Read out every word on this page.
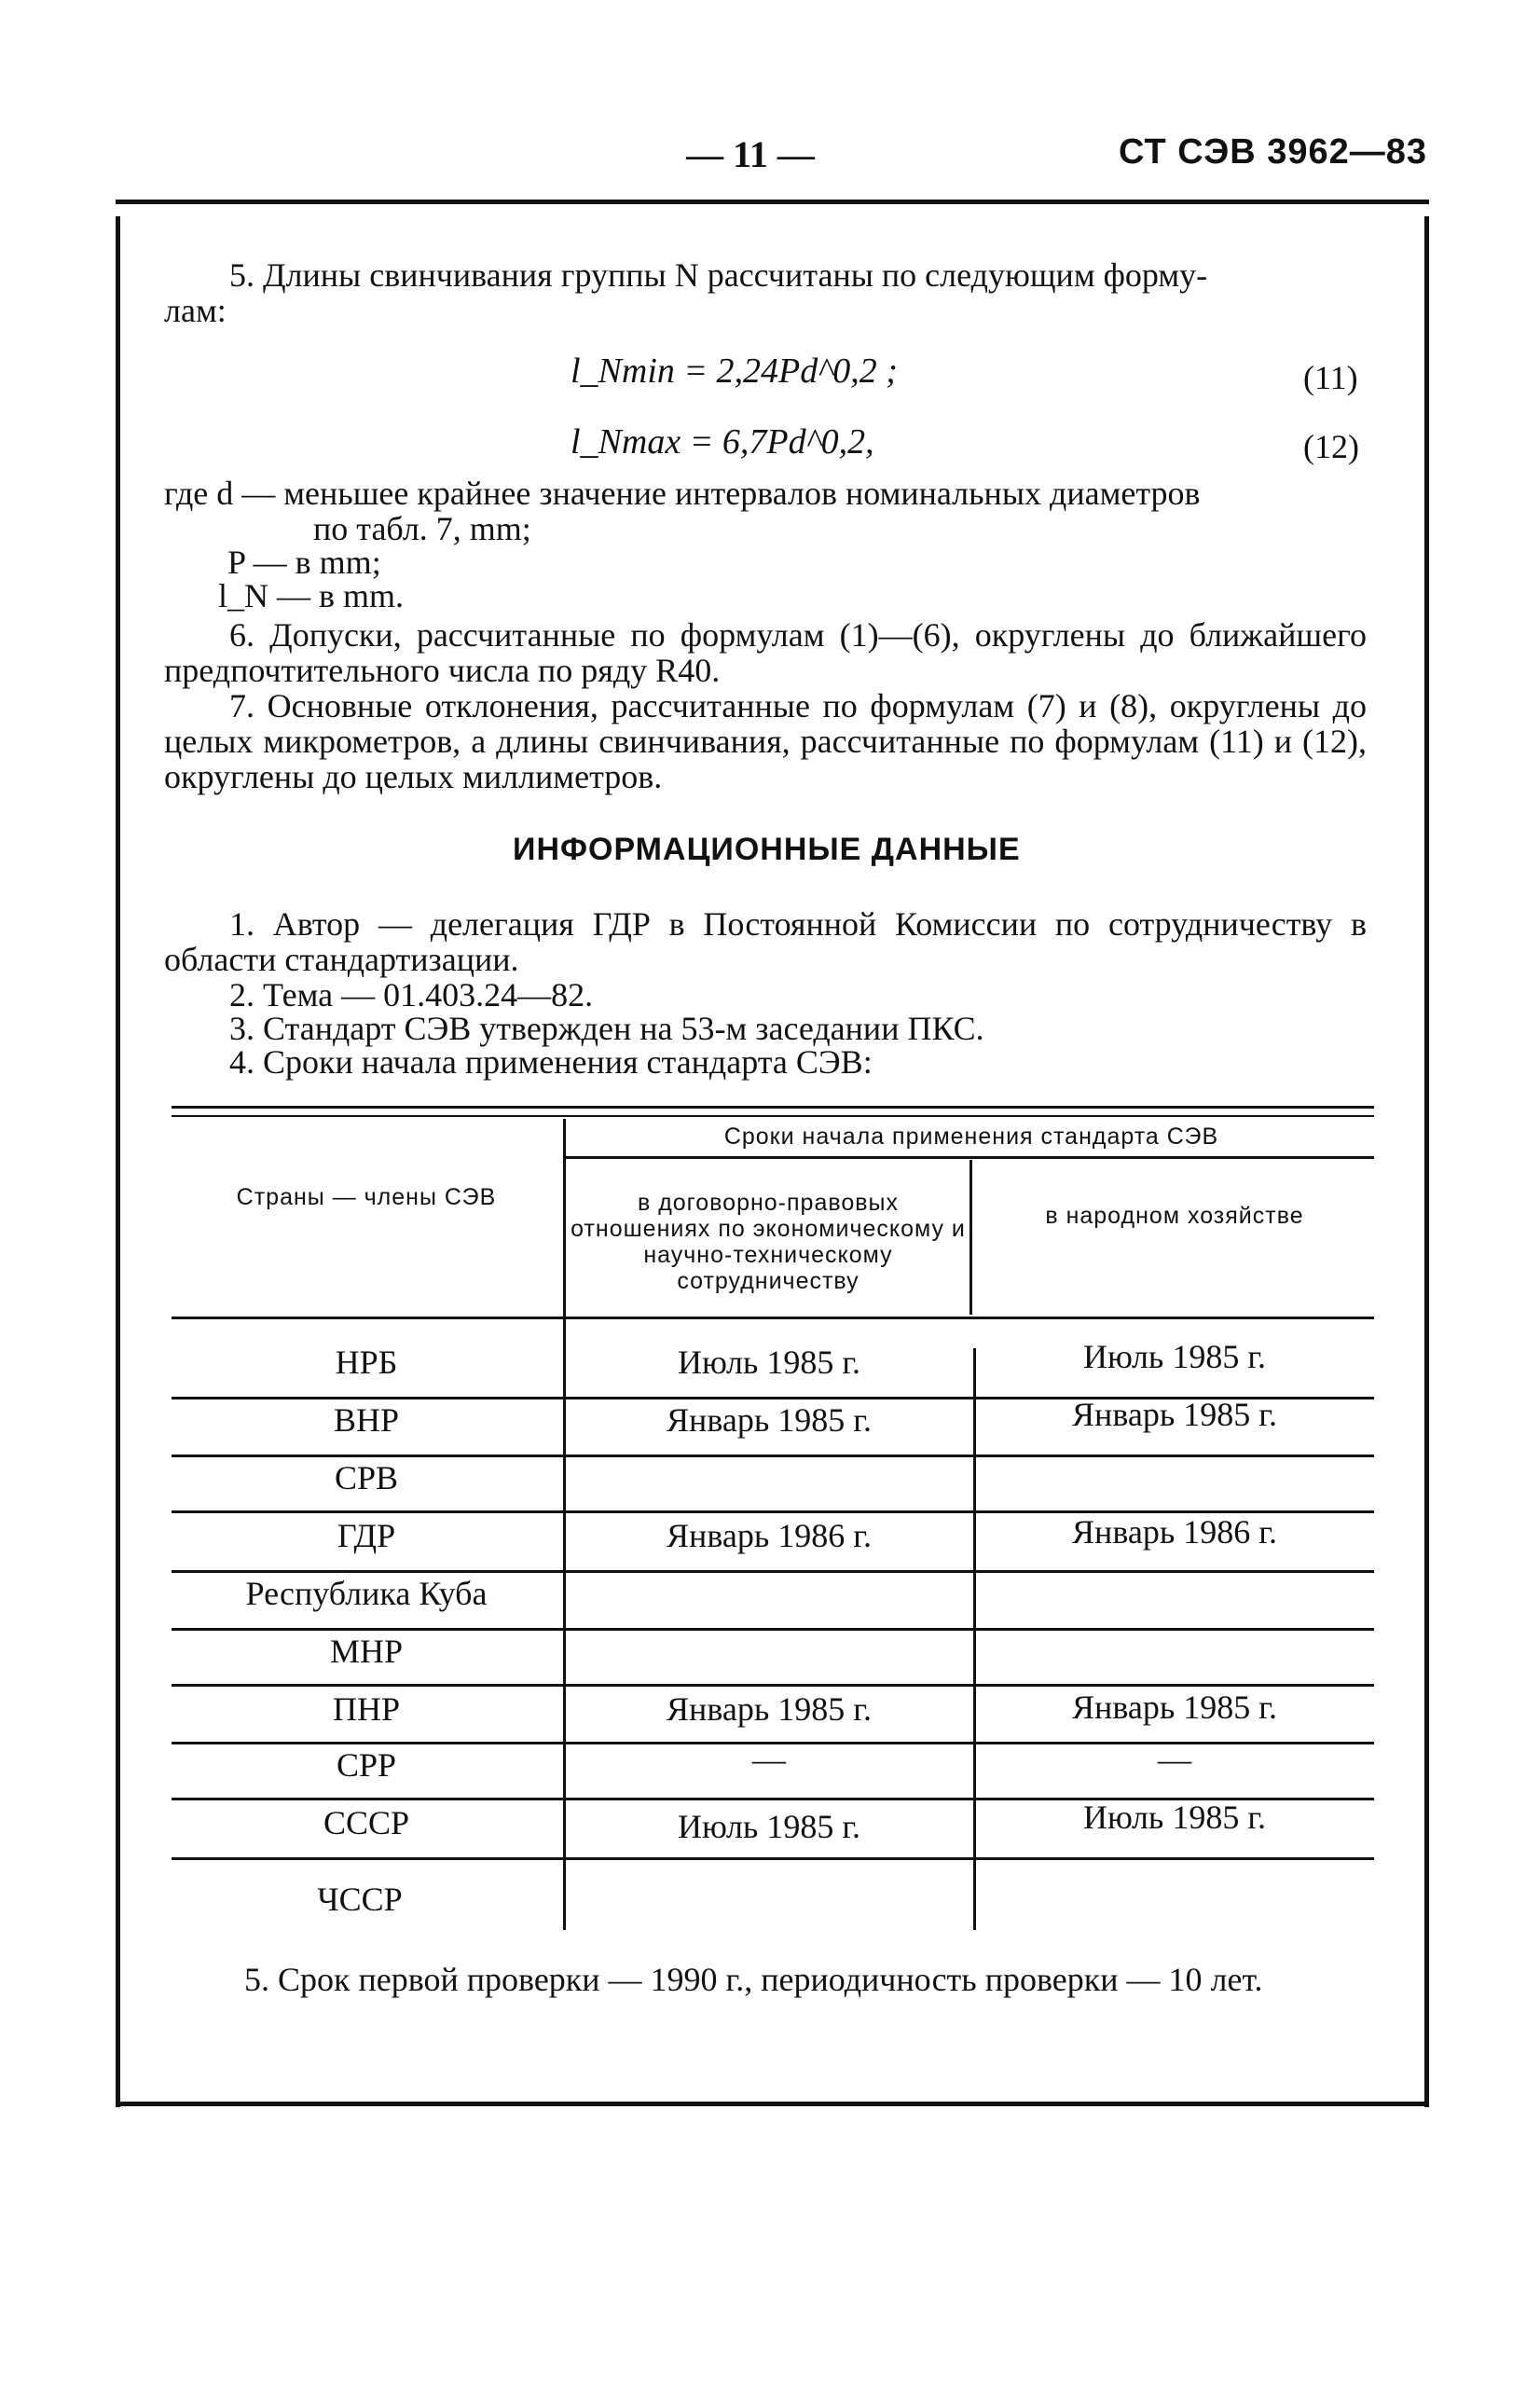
— 11 —	СТ СЭВ 3962—83
5. Длины свинчивания группы N рассчитаны по следующим форму-
лам:
l_Nmin = 2,24Pd^0,2 ;	(11)
l_Nmax = 6,7Pd^0,2,	(12)
где d — меньшее крайнее значение интервалов номинальных диаметров
по табл. 7, mm;
P — в mm;
l_N — в mm.
6. Допуски, рассчитанные по формулам (1)—(6), округлены до ближайшего предпочтительного числа по ряду R40.
7. Основные отклонения, рассчитанные по формулам (7) и (8), округлены до целых микрометров, а длины свинчивания, рассчитанные по формулам (11) и (12), округлены до целых миллиметров.
ИНФОРМАЦИОННЫЕ ДАННЫЕ
1. Автор — делегация ГДР в Постоянной Комиссии по сотрудничеству в области стандартизации.
2. Тема — 01.403.24—82.
3. Стандарт СЭВ утвержден на 53-м заседании ПКС.
4. Сроки начала применения стандарта СЭВ:
Страны — члены СЭВ
Сроки начала применения стандарта СЭВ
в договорно-правовых отношениях по экономическому и научно-техническому сотрудничеству
в народном хозяйстве
НРБ	Июль 1985 г.	Июль 1985 г.
ВНР	Январь 1985 г.	Январь 1985 г.
СРВ
ГДР	Январь 1986 г.	Январь 1986 г.
Республика Куба
МНР
ПНР	Январь 1985 г.	Январь 1985 г.
СРР	—	—
СССР	Июль 1985 г.	Июль 1985 г.
ЧССР
5. Срок первой проверки — 1990 г., периодичность проверки — 10 лет.
